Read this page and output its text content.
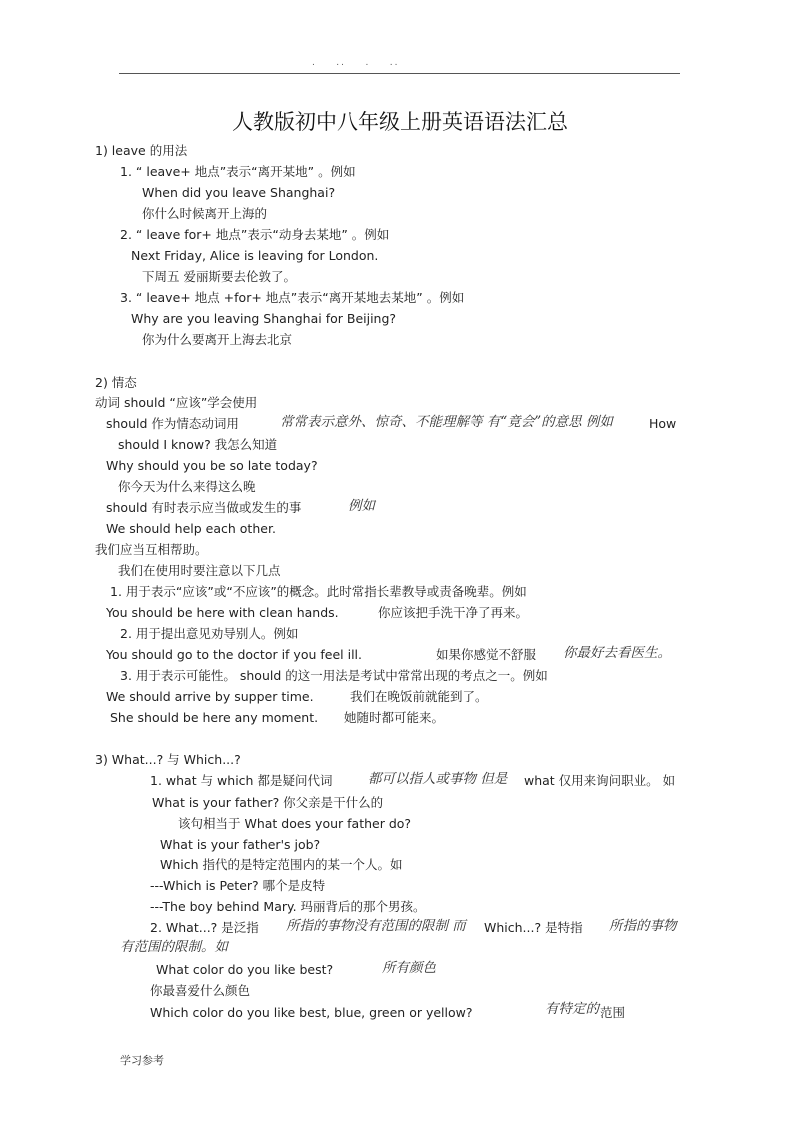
.    ..    .    ..
人教版初中八年级上册英语语法汇总
1) leave 的用法
1. “ leave+ 地点”表示“离开某地” 。例如
When did you leave Shanghai?
你什么时候离开上海的
2. “ leave for+ 地点”表示“动身去某地” 。例如
Next Friday, Alice is leaving for London.
下周五 爱丽斯要去伦敦了。
3. “ leave+ 地点 +for+ 地点”表示“离开某地去某地” 。例如
Why are you leaving Shanghai for Beijing?
你为什么要离开上海去北京
2) 情态
动词 should “应该”学会使用
should 作为情态动词用	常常表示意外、惊奇、不能理解等 有“竟会”的意思 例如	How
should I know? 我怎么知道
Why should you be so late today?
你今天为什么来得这么晚
should 有时表示应当做或发生的事	例如
We should help each other.
我们应当互相帮助。
我们在使用时要注意以下几点
1. 用于表示“应该”或“不应该”的概念。此时常指长辈教导或责备晚辈。例如
You should be here with clean hands.	你应该把手洗干净了再来。
2. 用于提出意见劝导别人。例如
You should go to the doctor if you feel ill.	如果你感觉不舒服 你最好去看医生。
3. 用于表示可能性。 should 的这一用法是考试中常常出现的考点之一。例如
We should arrive by supper time.	我们在晚饭前就能到了。
She should be here any moment. 她随时都可能来。
3) What...? 与 Which...?
1. what 与 which 都是疑问代词	都可以指人或事物 但是 what 仅用来询问职业。 如
What is your father? 你父亲是干什么的
该句相当于 What does your father do?
What is your father's job?
Which 指代的是特定范围内的某一个人。如
---Which is Peter? 哪个是皮特
---The boy behind Mary. 玛丽背后的那个男孩。
2. What...? 是泛指 所指的事物没有范围的限制 而 Which...? 是特指 所指的事物
有范围的限制。如
What color do you like best?	所有颜色
你最喜爱什么颜色
Which color do you like best, blue, green or yellow?	有特定的 范围
学习参考
